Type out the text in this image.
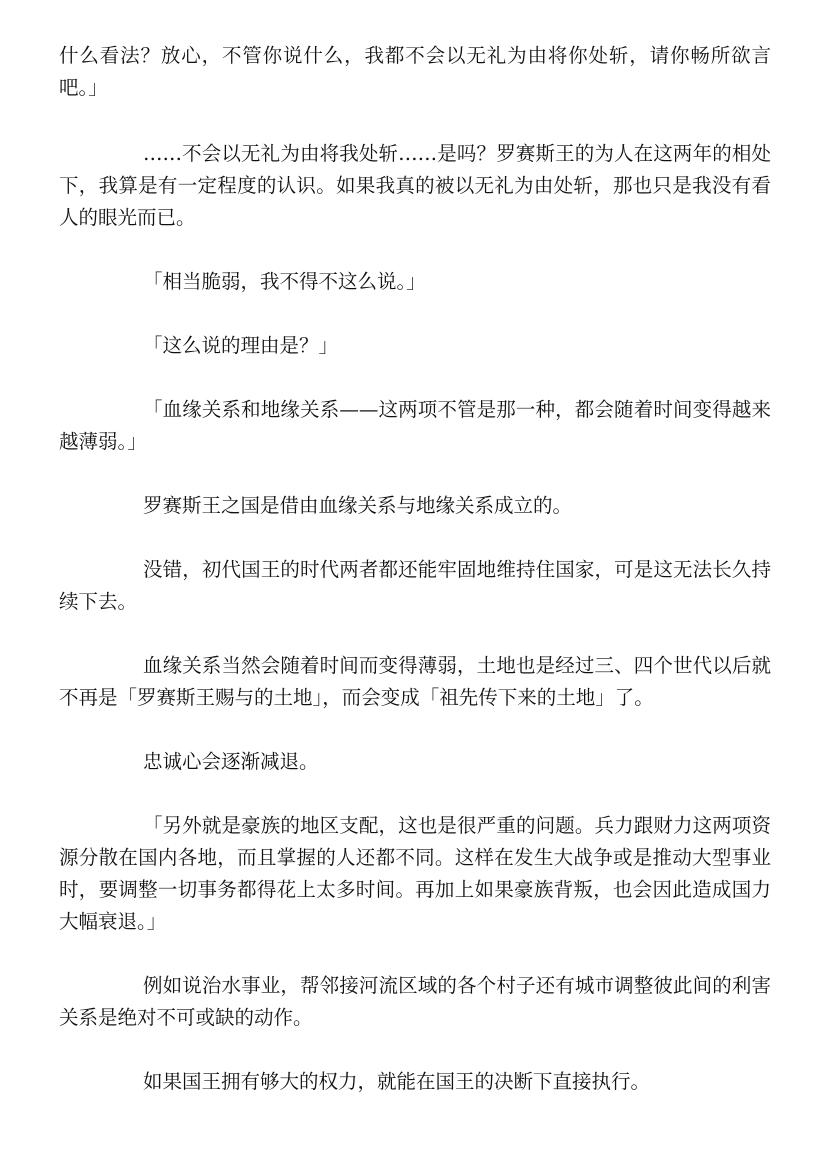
什么看法？放心，不管你说什么，我都不会以无礼为由将你处斩，请你畅所欲言吧。」

……不会以无礼为由将我处斩……是吗？罗赛斯王的为人在这两年的相处下，我算是有一定程度的认识。如果我真的被以无礼为由处斩，那也只是我没有看人的眼光而已。

「相当脆弱，我不得不这么说。」

「这么说的理由是？」

「血缘关系和地缘关系——这两项不管是那一种，都会随着时间变得越来越薄弱。」

罗赛斯王之国是借由血缘关系与地缘关系成立的。

没错，初代国王的时代两者都还能牢固地维持住国家，可是这无法长久持续下去。

血缘关系当然会随着时间而变得薄弱，土地也是经过三、四个世代以后就不再是「罗赛斯王赐与的土地」，而会变成「祖先传下来的土地」了。

忠诚心会逐渐减退。

「另外就是豪族的地区支配，这也是很严重的问题。兵力跟财力这两项资源分散在国内各地，而且掌握的人还都不同。这样在发生大战争或是推动大型事业时，要调整一切事务都得花上太多时间。再加上如果豪族背叛，也会因此造成国力大幅衰退。」

例如说治水事业，帮邻接河流区域的各个村子还有城市调整彼此间的利害关系是绝对不可或缺的动作。

如果国王拥有够大的权力，就能在国王的决断下直接执行。
